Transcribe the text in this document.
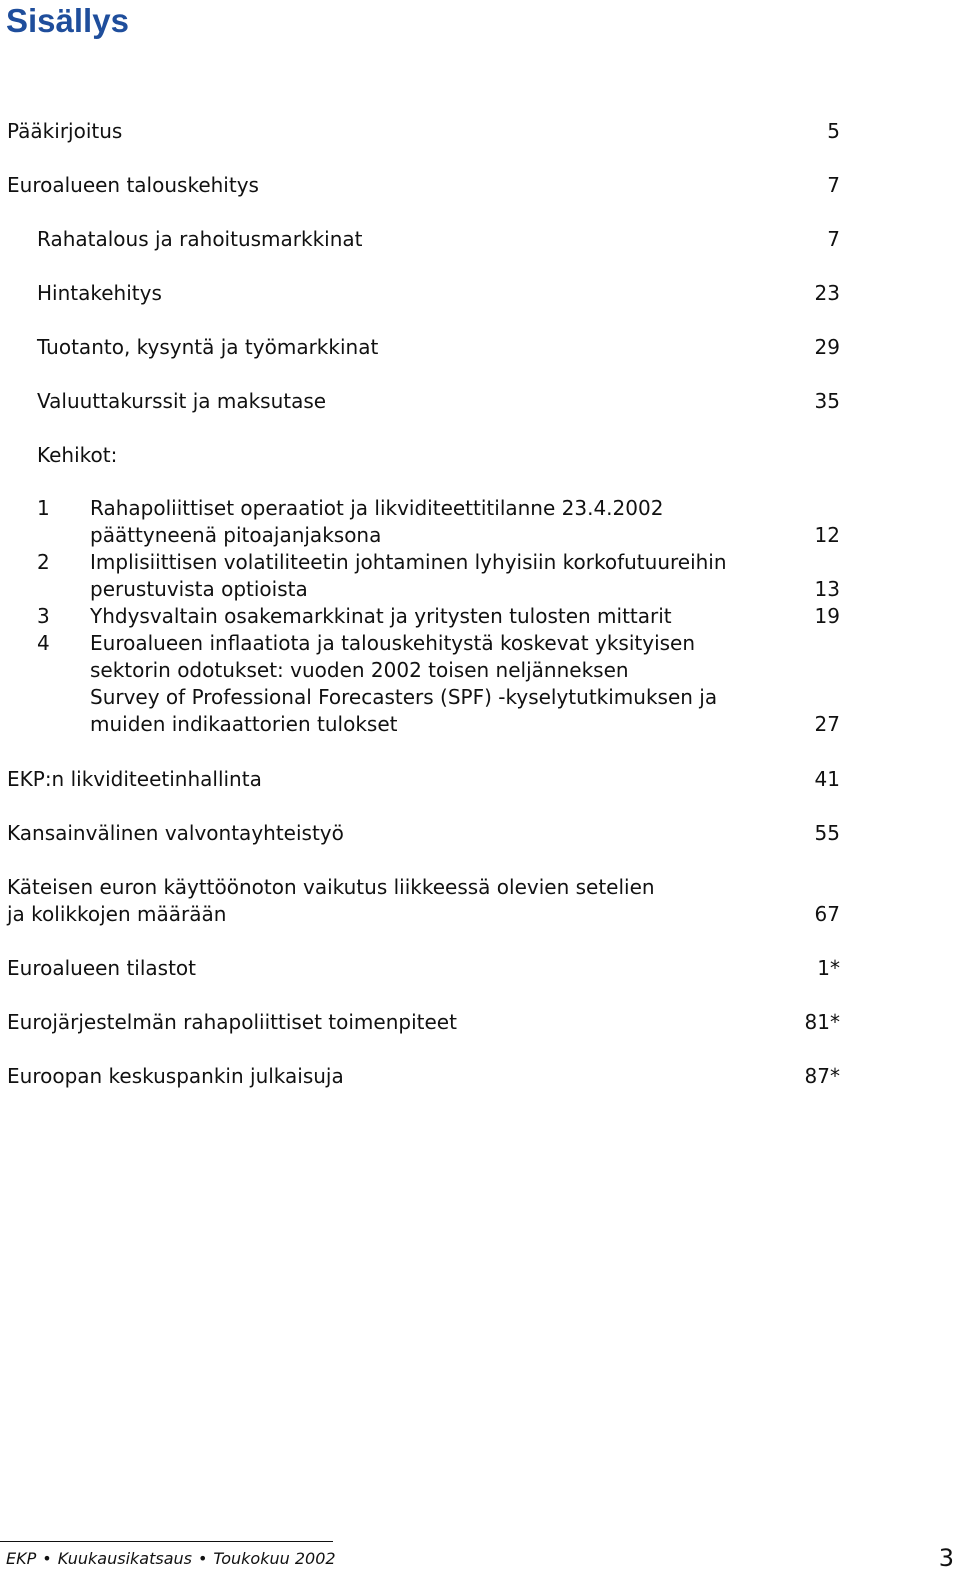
Sisällys
Pääkirjoitus	5
Euroalueen talouskehitys	7
Rahatalous ja rahoitusmarkkinat	7
Hintakehitys	23
Tuotanto, kysyntä ja työmarkkinat	29
Valuuttakurssit ja maksutase	35
Kehikot:
1 Rahapoliittiset operaatiot ja likviditeettitilanne 23.4.2002
päättyneenä pitoajanjaksona	12
2 Implisiittisen volatiliteetin johtaminen lyhyisiin korkofutuureihin
perustuvista optioista	13
3 Yhdysvaltain osakemarkkinat ja yritysten tulosten mittarit	19
4 Euroalueen inflaatiota ja talouskehitystä koskevat yksityisen
sektorin odotukset: vuoden 2002 toisen neljänneksen
Survey of Professional Forecasters (SPF) -kyselytutkimuksen ja
muiden indikaattorien tulokset	27
EKP:n likviditeetinhallinta	41
Kansainvälinen valvontayhteistyö	55
Käteisen euron käyttöönoton vaikutus liikkeessä olevien setelien
ja kolikkojen määrään	67
Euroalueen tilastot	1*
Eurojärjestelmän rahapoliittiset toimenpiteet	81*
Euroopan keskuspankin julkaisuja	87*
EKP • Kuukausikatsaus • Toukokuu 2002	3
